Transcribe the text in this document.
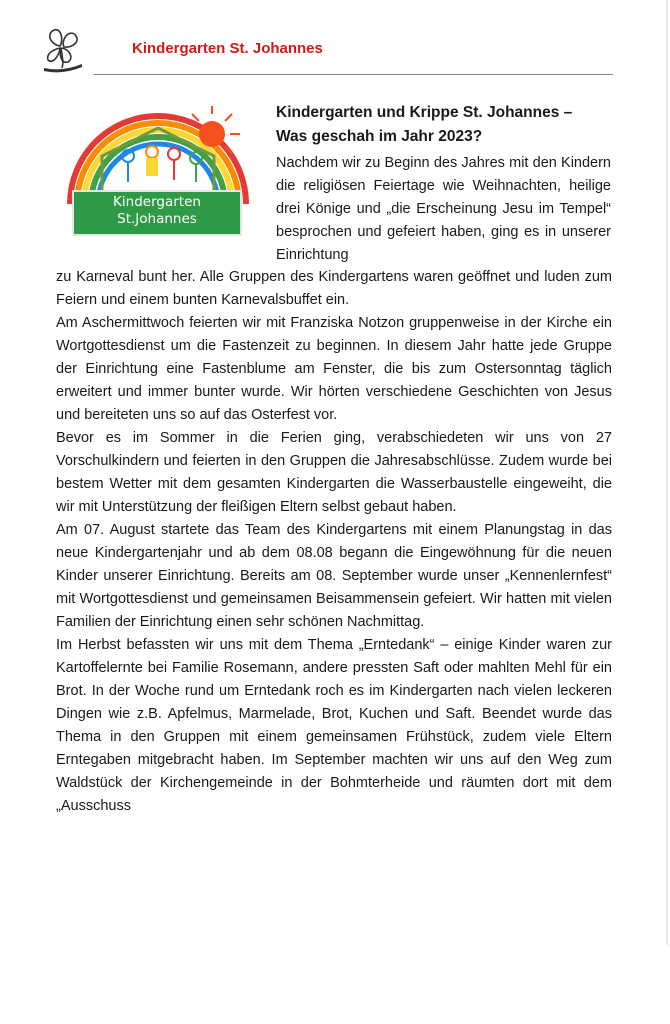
Kindergarten St. Johannes
Kindergarten
St.Johannes
Kindergarten und Krippe St. Johannes –
Was geschah im Jahr 2023?

Nachdem wir zu Beginn des Jahres mit den Kindern die religiösen Feiertage wie Weihnachten, heilige drei Könige und „die Erscheinung Jesu im Tempel“ besprochen und gefeiert haben, ging es in unserer Einrichtung

zu Karneval bunt her. Alle Gruppen des Kindergartens waren geöffnet und luden zum Feiern und einem bunten Karnevalsbuffet ein.

Am Aschermittwoch feierten wir mit Franziska Notzon gruppenweise in der Kirche ein Wortgottesdienst um die Fastenzeit zu beginnen. In diesem Jahr hatte jede Gruppe der Einrichtung eine Fastenblume am Fenster, die bis zum Ostersonntag täglich erweitert und immer bunter wurde. Wir hörten verschiedene Geschichten von Jesus und bereiteten uns so auf das Osterfest vor.

Bevor es im Sommer in die Ferien ging, verabschiedeten wir uns von 27 Vorschulkindern und feierten in den Gruppen die Jahresabschlüsse. Zudem wurde bei bestem Wetter mit dem gesamten Kindergarten die Wasserbaustelle eingeweiht, die wir mit Unterstützung der fleißigen Eltern selbst gebaut haben.

Am 07. August startete das Team des Kindergartens mit einem Planungstag in das neue Kindergartenjahr und ab dem 08.08 begann die Eingewöhnung für die neuen Kinder unserer Einrichtung. Bereits am 08. September wurde unser „Kennenlernfest“ mit Wortgottesdienst und gemeinsamen Beisammensein gefeiert. Wir hatten mit vielen Familien der Einrichtung einen sehr schönen Nachmittag.

Im Herbst befassten wir uns mit dem Thema „Erntedank“ – einige Kinder waren zur Kartoffelernte bei Familie Rosemann, andere pressten Saft oder mahlten Mehl für ein Brot. In der Woche rund um Erntedank roch es im Kindergarten nach vielen leckeren Dingen wie z.B. Apfelmus, Marmelade, Brot, Kuchen und Saft. Beendet wurde das Thema in den Gruppen mit einem gemeinsamen Frühstück, zudem viele Eltern Erntegaben mitgebracht haben. Im September machten wir uns auf den Weg zum Waldstück der Kirchengemeinde in der Bohmterheide und räumten dort mit dem „Ausschuss
